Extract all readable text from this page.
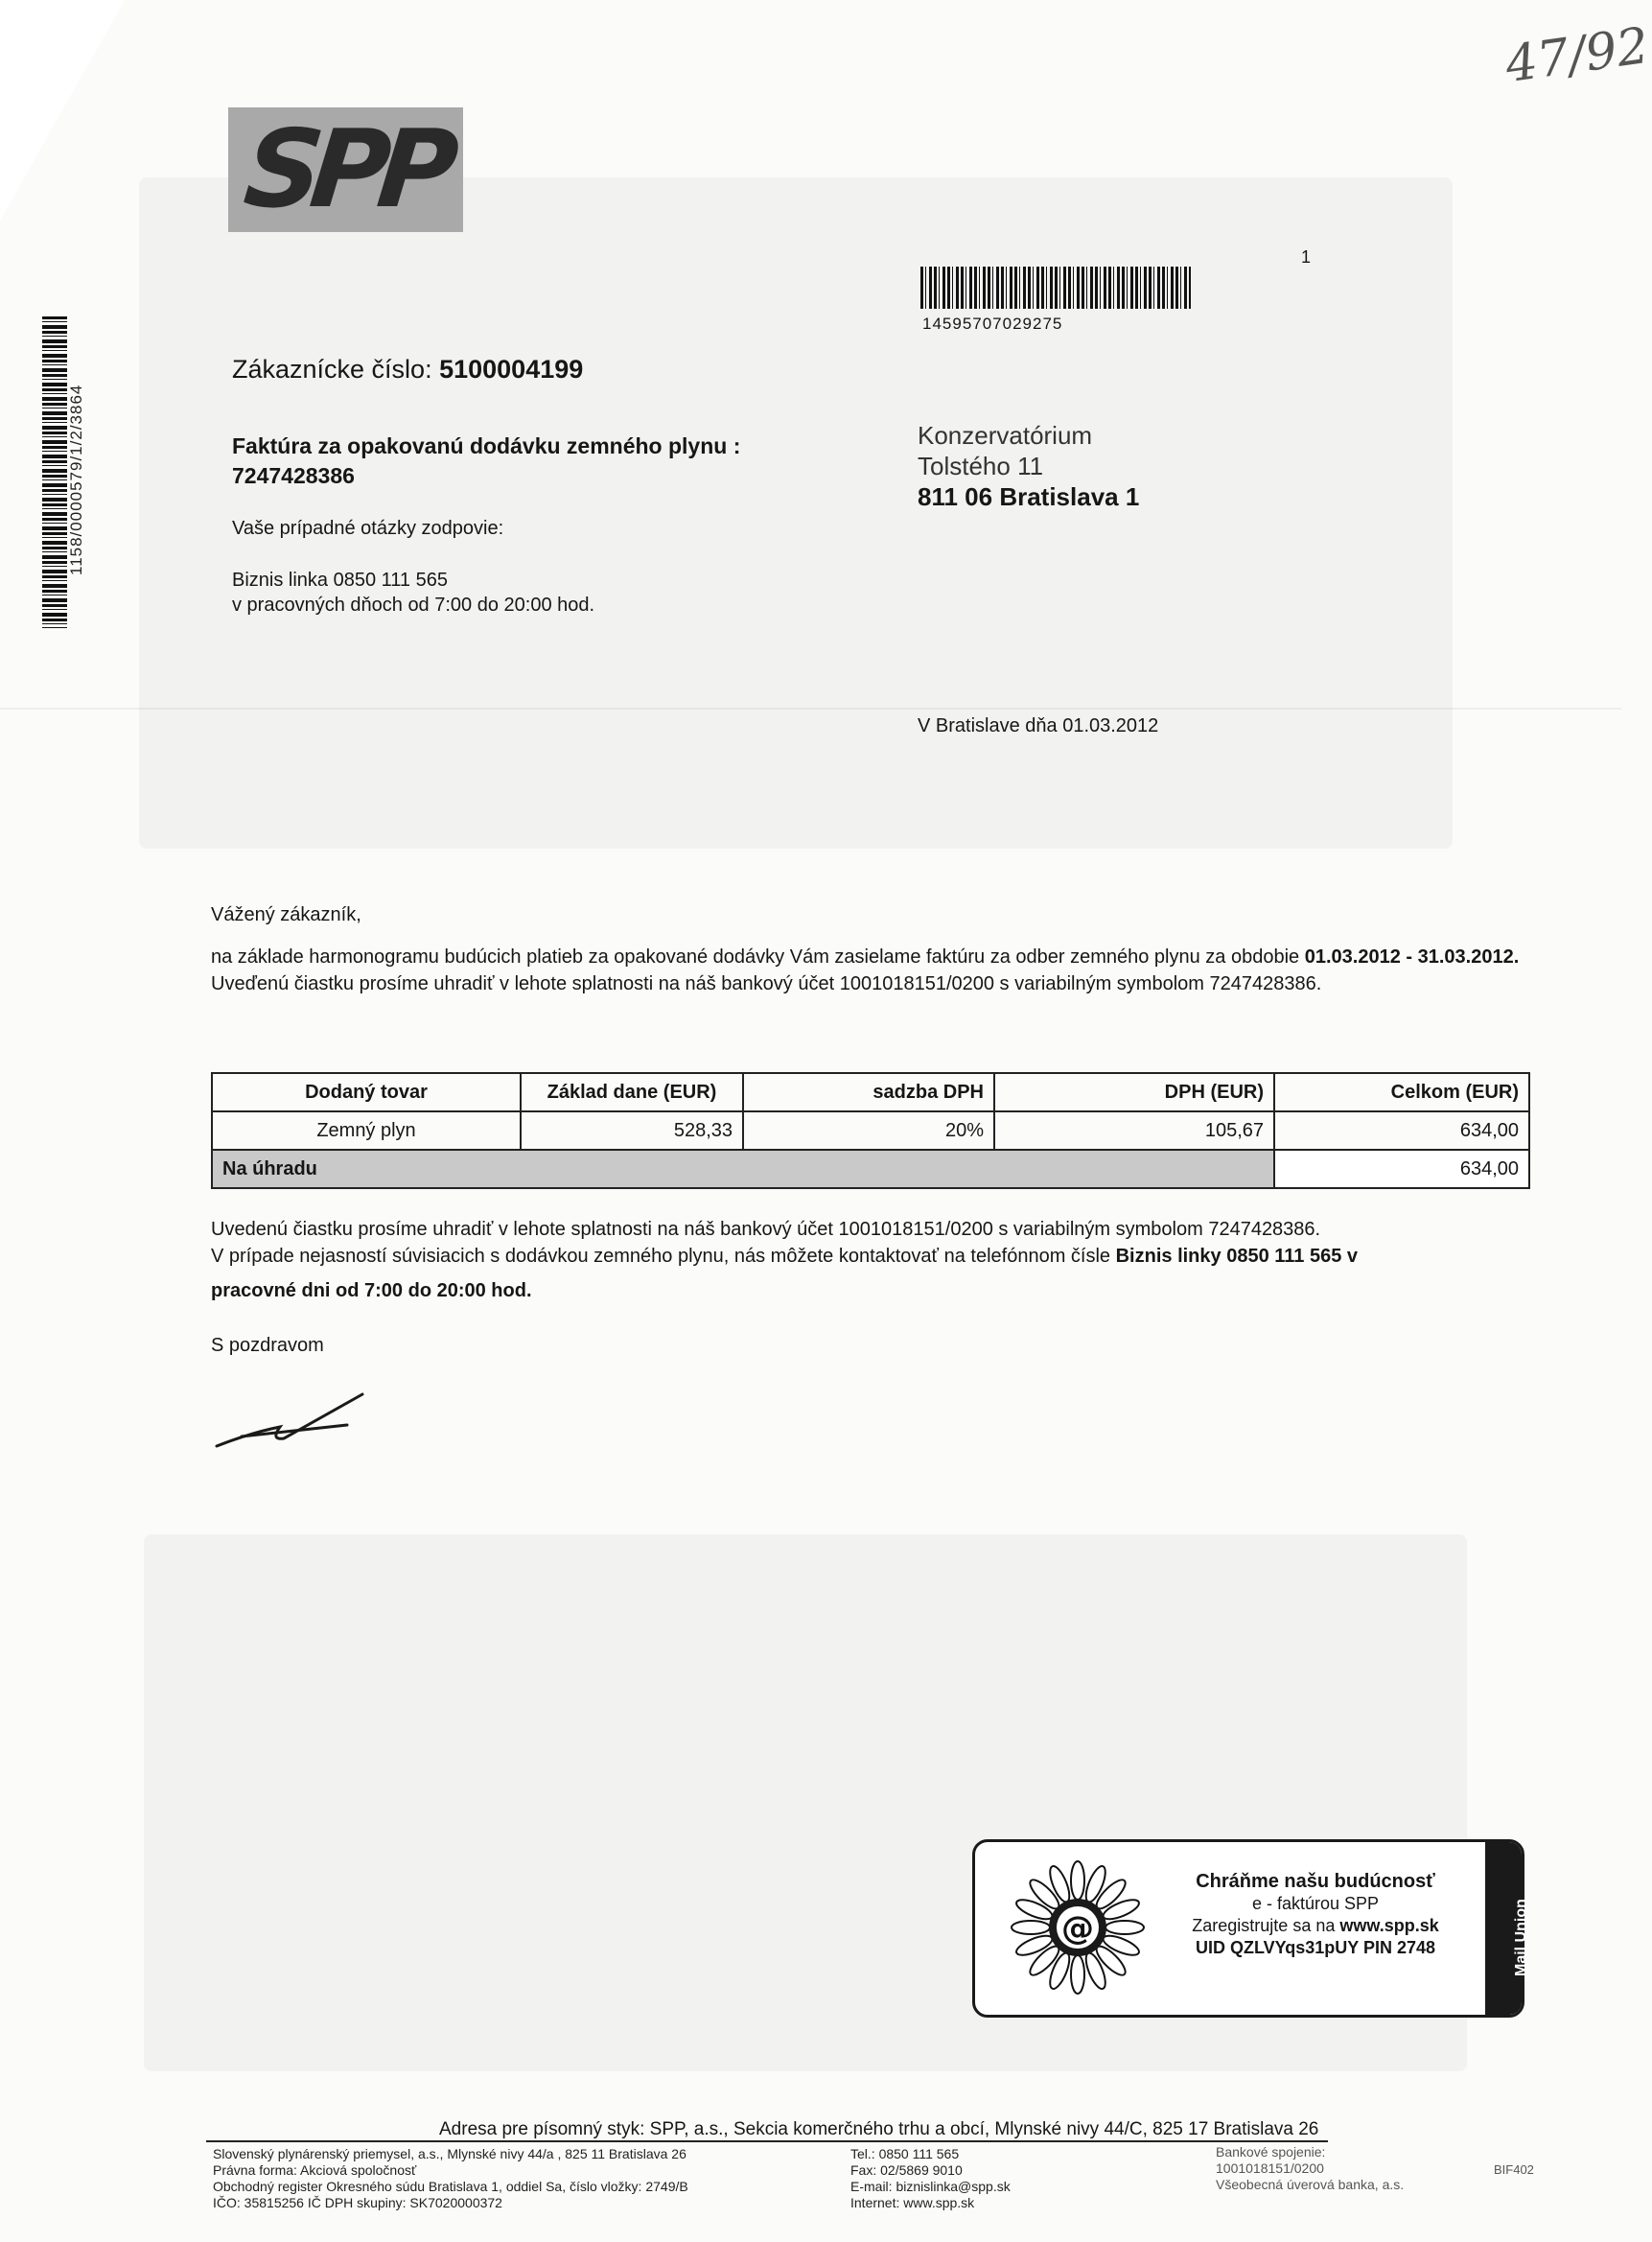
47/92
SPP
1158/0000579/1/2/3864
1
14595707029275
Zákaznícke číslo: 5100004199
Faktúra za opakovanú dodávku zemného plynu :
7247428386
Vaše prípadné otázky zodpovie:
Biznis linka 0850 111 565
v pracovných dňoch od 7:00 do 20:00 hod.
Konzervatórium
Tolstého 11
811 06 Bratislava 1
V Bratislave dňa 01.03.2012
Vážený zákazník,
na základe harmonogramu budúcich platieb za opakované dodávky Vám zasielame faktúru za odber zemného plynu za obdobie 01.03.2012 - 31.03.2012.
Uveďenú čiastku prosíme uhradiť v lehote splatnosti na náš bankový účet 1001018151/0200 s variabilným symbolom 7247428386.
Dodaný tovar	Základ dane (EUR)	sadzba DPH	DPH (EUR)	Celkom (EUR)
Zemný plyn	528,33	20%	105,67	634,00
Na úhradu				634,00
Uvedenú čiastku prosíme uhradiť v lehote splatnosti na náš bankový účet 1001018151/0200 s variabilným symbolom 7247428386.
V prípade nejasností súvisiacich s dodávkou zemného plynu, nás môžete kontaktovať na telefónnom čísle Biznis linky 0850 111 565 v
pracovné dni od 7:00 do 20:00 hod.
S pozdravom
@
Chráňme našu budúcnosť
e - faktúrou SPP
Zaregistrujte sa na www.spp.sk
UID QZLVYqs31pUY PIN 2748	Mail Union
Adresa pre písomný styk: SPP, a.s., Sekcia komerčného trhu a obcí, Mlynské nivy 44/C, 825 17 Bratislava 26
Slovenský plynárenský priemysel, a.s., Mlynské nivy 44/a , 825 11 Bratislava 26
Právna forma: Akciová spoločnosť
Obchodný register Okresného súdu Bratislava 1, oddiel Sa, číslo vložky: 2749/B
IČO: 35815256 IČ DPH skupiny: SK7020000372
Tel.: 0850 111 565
Fax: 02/5869 9010
E-mail: biznislinka@spp.sk
Internet: www.spp.sk
Bankové spojenie:
1001018151/0200
Všeobecná úverová banka, a.s.
BIF402
